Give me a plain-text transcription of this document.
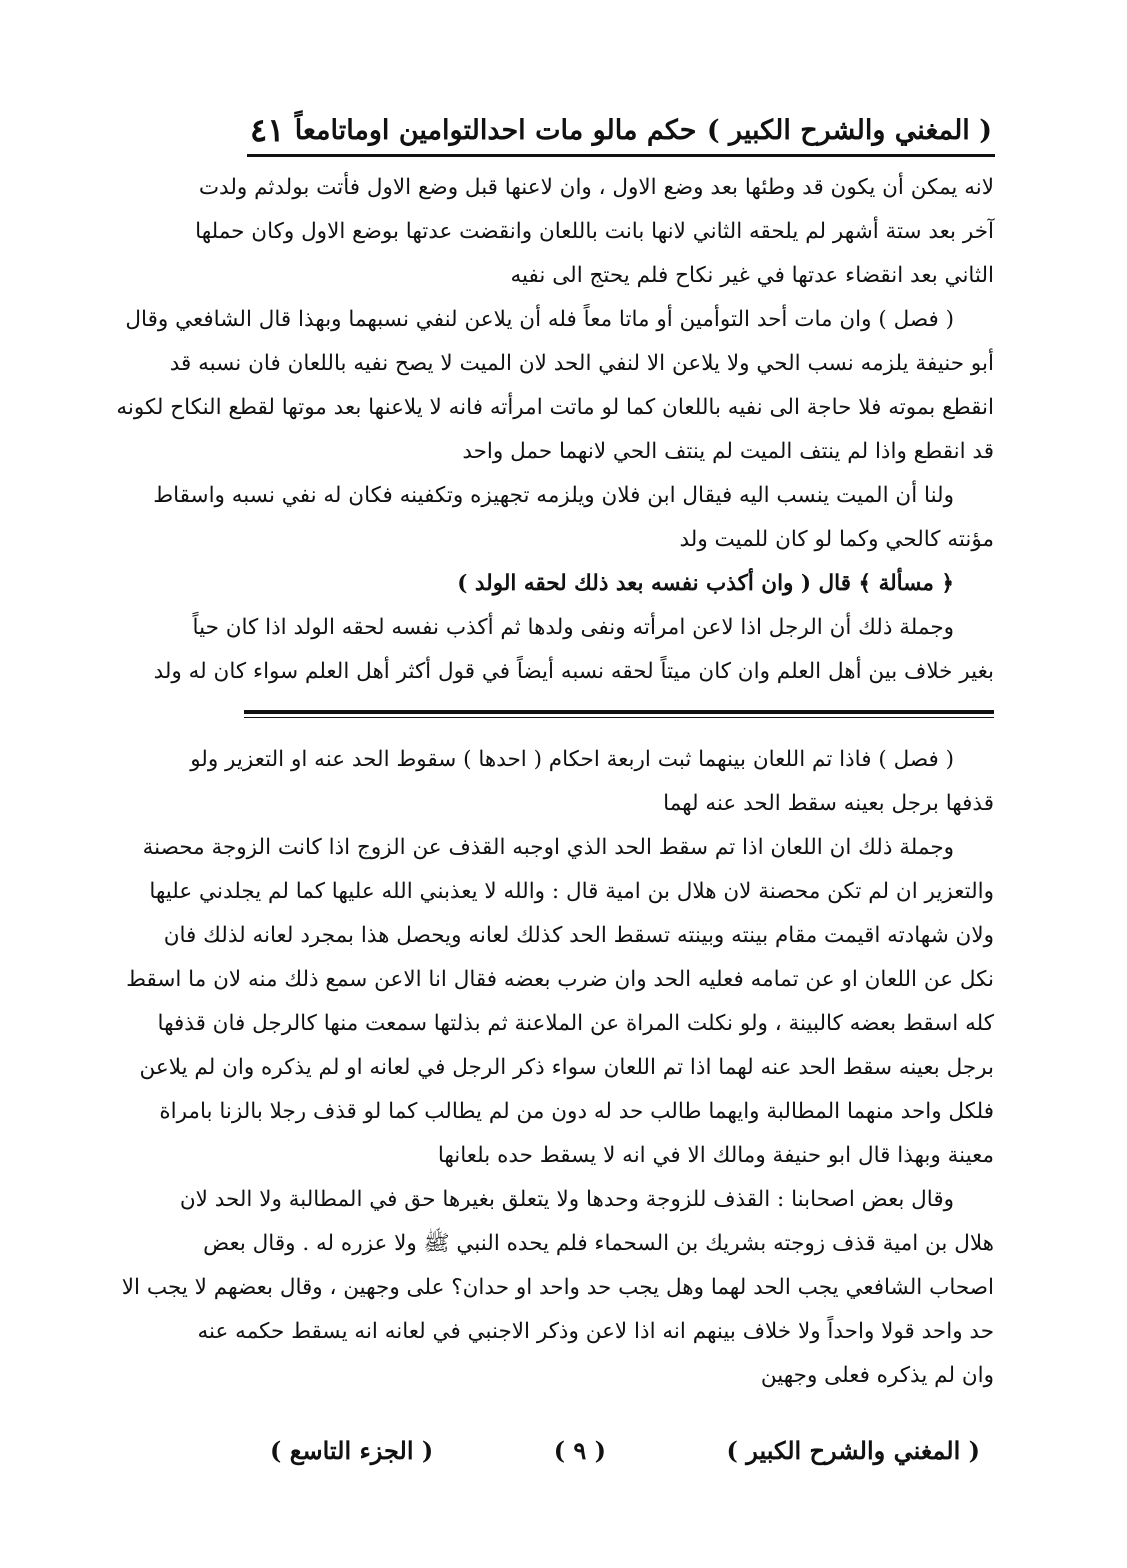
( المغني والشرح الكبير )
حكم مالو مات احدالتوامين اوماتامعاً
٤١
لانه يمكن أن يكون قد وطئها بعد وضع الاول ، وان لاعنها قبل وضع الاول فأتت بولدثم ولدت
آخر بعد ستة أشهر لم يلحقه الثاني لانها بانت باللعان وانقضت عدتها بوضع الاول وكان حملها
الثاني بعد انقضاء عدتها في غير نكاح فلم يحتج الى نفيه
( فصل ) وان مات أحد التوأمين أو ماتا معاً فله أن يلاعن لنفي نسبهما وبهذا قال الشافعي وقال
أبو حنيفة يلزمه نسب الحي ولا يلاعن الا لنفي الحد لان الميت لا يصح نفيه باللعان فان نسبه قد
انقطع بموته فلا حاجة الى نفيه باللعان كما لو ماتت امرأته فانه لا يلاعنها بعد موتها لقطع النكاح لكونه
قد انقطع واذا لم ينتف الميت لم ينتف الحي لانهما حمل واحد
ولنا أن الميت ينسب اليه فيقال ابن فلان ويلزمه تجهيزه وتكفينه فكان له نفي نسبه واسقاط
مؤنته كالحي وكما لو كان للميت ولد
﴿ مسألة ﴾ قال ( وان أكذب نفسه بعد ذلك لحقه الولد )
وجملة ذلك أن الرجل اذا لاعن امرأته ونفى ولدها ثم أكذب نفسه لحقه الولد اذا كان حياً
بغير خلاف بين أهل العلم وان كان ميتاً لحقه نسبه أيضاً في قول أكثر أهل العلم سواء كان له ولد
( فصل ) فاذا تم اللعان بينهما ثبت اربعة احكام ( احدها ) سقوط الحد عنه او التعزير ولو
قذفها برجل بعينه سقط الحد عنه لهما
وجملة ذلك ان اللعان اذا تم سقط الحد الذي اوجبه القذف عن الزوج اذا كانت الزوجة محصنة
والتعزير ان لم تكن محصنة لان هلال بن امية قال : والله لا يعذبني الله عليها كما لم يجلدني عليها
ولان شهادته اقيمت مقام بينته وبينته تسقط الحد كذلك لعانه ويحصل هذا بمجرد لعانه لذلك فان
نكل عن اللعان او عن تمامه فعليه الحد وان ضرب بعضه فقال انا الاعن سمع ذلك منه لان ما اسقط
كله اسقط بعضه كالبينة ، ولو نكلت المراة عن الملاعنة ثم بذلتها سمعت منها كالرجل فان قذفها
برجل بعينه سقط الحد عنه لهما اذا تم اللعان سواء ذكر الرجل في لعانه او لم يذكره وان لم يلاعن
فلكل واحد منهما المطالبة وايهما طالب حد له دون من لم يطالب كما لو قذف رجلا بالزنا بامراة
معينة وبهذا قال ابو حنيفة ومالك الا في انه لا يسقط حده بلعانها
وقال بعض اصحابنا : القذف للزوجة وحدها ولا يتعلق بغيرها حق في المطالبة ولا الحد لان
هلال بن امية قذف زوجته بشريك بن السحماء فلم يحده النبي ﷺ ولا عزره له . وقال بعض
اصحاب الشافعي يجب الحد لهما وهل يجب حد واحد او حدان؟ على وجهين ، وقال بعضهم لا يجب الا
حد واحد قولا واحداً ولا خلاف بينهم انه اذا لاعن وذكر الاجنبي في لعانه انه يسقط حكمه عنه
وان لم يذكره فعلى وجهين
( المغني والشرح الكبير )
( ٩ )
( الجزء التاسع )
